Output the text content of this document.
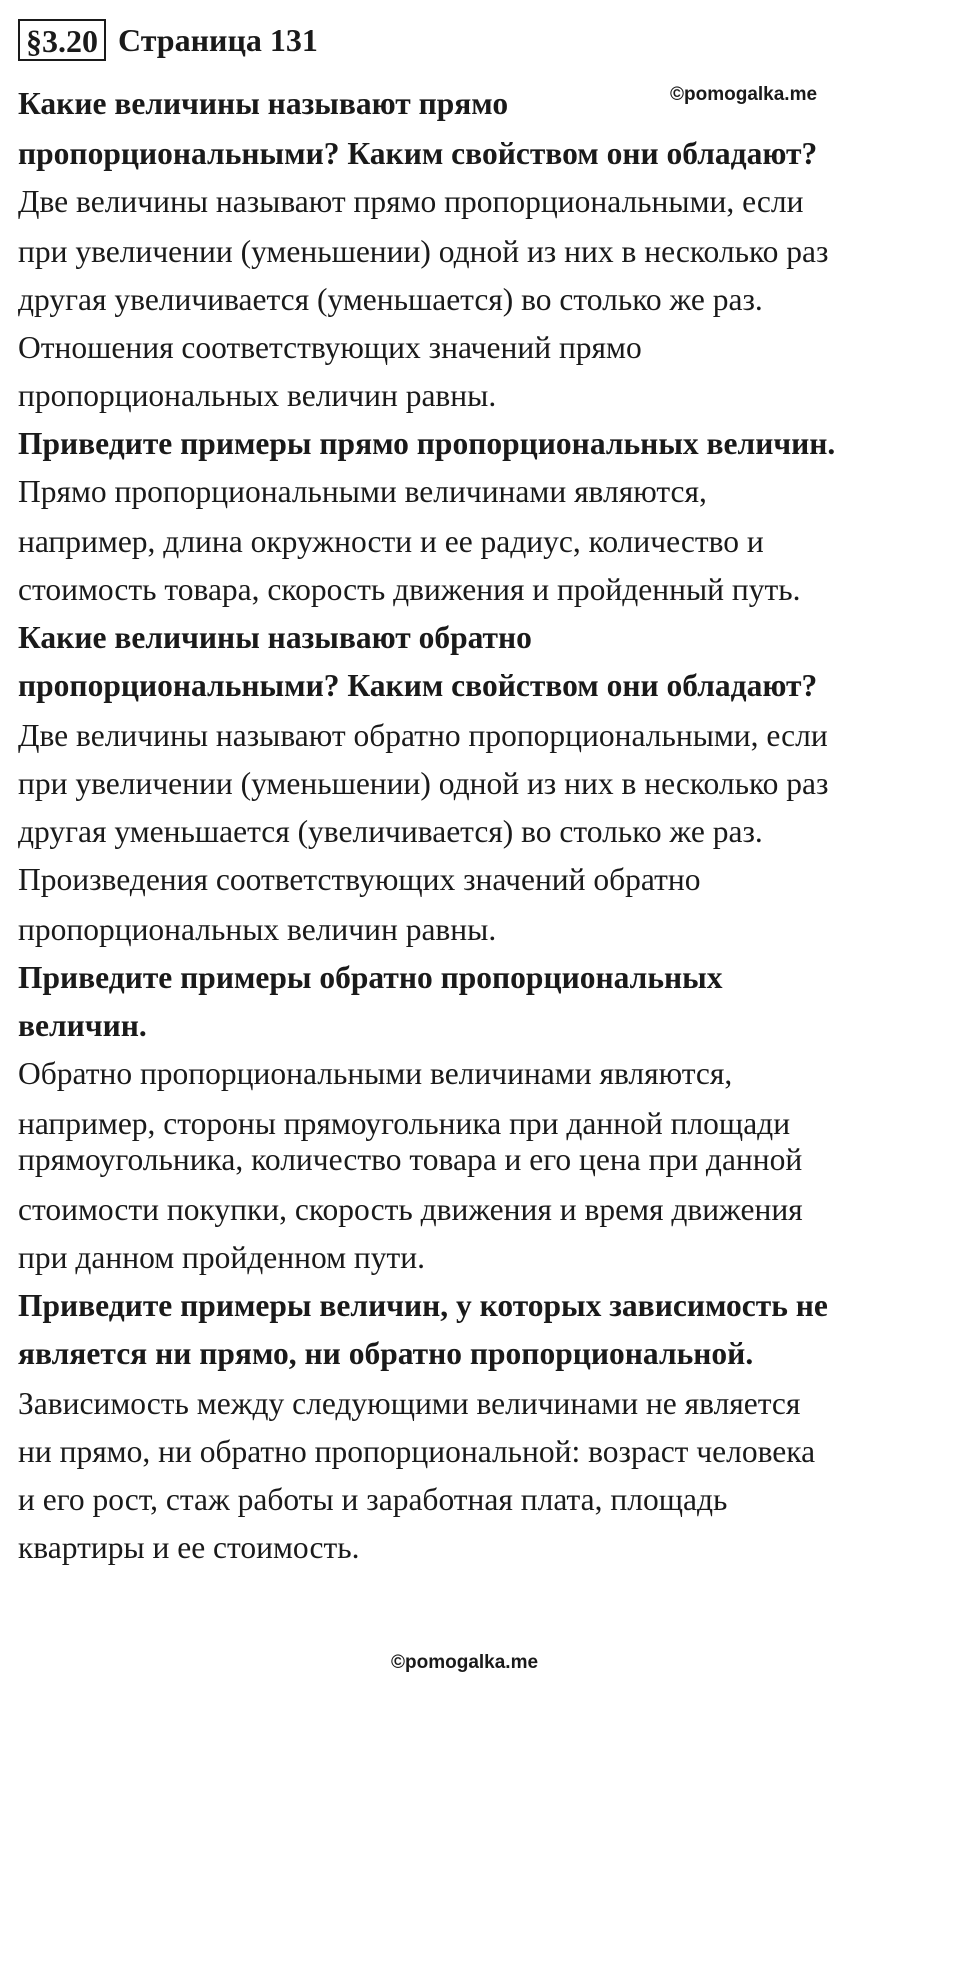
§3.20 Страница 131
©pomogalka.me
©pomogalka.me
Какие величины называют прямо
пропорциональными? Каким свойством они обладают?
Две величины называют прямо пропорциональными, если
при увеличении (уменьшении) одной из них в несколько раз
другая увеличивается (уменьшается) во столько же раз.
Отношения соответствующих значений прямо
пропорциональных величин равны.
Приведите примеры прямо пропорциональных величин.
Прямо пропорциональными величинами являются,
например, длина окружности и ее радиус, количество и
стоимость товара, скорость движения и пройденный путь.
Какие величины называют обратно
пропорциональными? Каким свойством они обладают?
Две величины называют обратно пропорциональными, если
при увеличении (уменьшении) одной из них в несколько раз
другая уменьшается (увеличивается) во столько же раз.
Произведения соответствующих значений обратно
пропорциональных величин равны.
Приведите примеры обратно пропорциональных
величин.
Обратно пропорциональными величинами являются,
например, стороны прямоугольника при данной площади
прямоугольника, количество товара и его цена при данной
стоимости покупки, скорость движения и время движения
при данном пройденном пути.
Приведите примеры величин, у которых зависимость не
является ни прямо, ни обратно пропорциональной.
Зависимость между следующими величинами не является
ни прямо, ни обратно пропорциональной: возраст человека
и его рост, стаж работы и заработная плата, площадь
квартиры и ее стоимость.
